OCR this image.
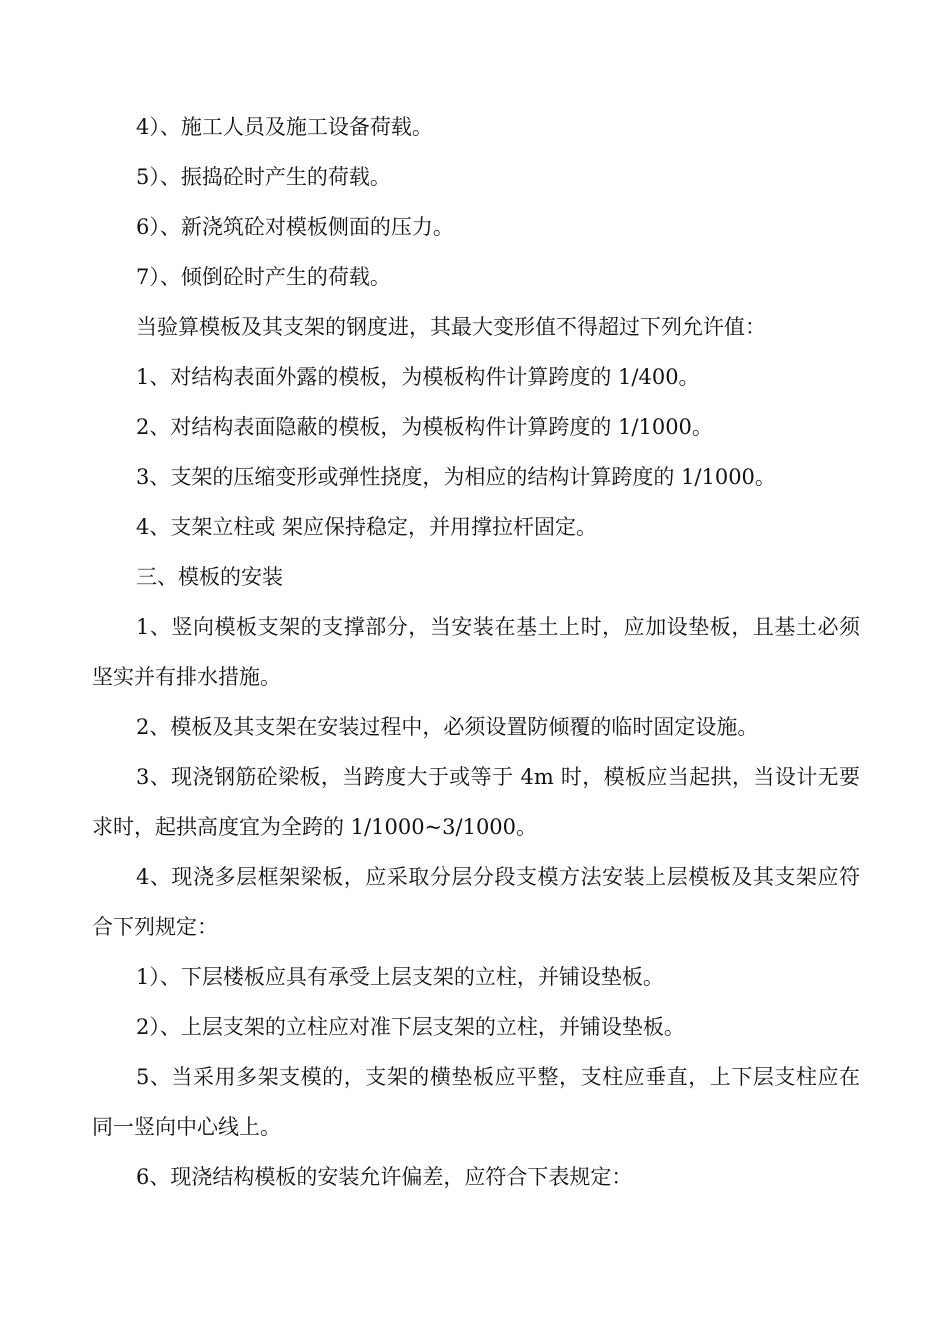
4）、施工人员及施工设备荷载。

5）、振捣砼时产生的荷载。

6）、新浇筑砼对模板侧面的压力。

7）、倾倒砼时产生的荷载。

当验算模板及其支架的钢度进，其最大变形值不得超过下列允许值：

1、对结构表面外露的模板，为模板构件计算跨度的 1/400。

2、对结构表面隐蔽的模板，为模板构件计算跨度的 1/1000。

3、支架的压缩变形或弹性挠度，为相应的结构计算跨度的 1/1000。

4、支架立柱或 架应保持稳定，并用撑拉杆固定。

三、模板的安装

1、竖向模板支架的支撑部分，当安装在基土上时，应加设垫板，且基土必须坚实并有排水措施。

2、模板及其支架在安装过程中，必须设置防倾覆的临时固定设施。

3、现浇钢筋砼梁板，当跨度大于或等于 4m 时，模板应当起拱，当设计无要求时，起拱高度宜为全跨的 1/1000~3/1000。

4、现浇多层框架梁板，应采取分层分段支模方法安装上层模板及其支架应符合下列规定：

1）、下层楼板应具有承受上层支架的立柱，并铺设垫板。

2）、上层支架的立柱应对准下层支架的立柱，并铺设垫板。

5、当采用多架支模的，支架的横垫板应平整，支柱应垂直，上下层支柱应在同一竖向中心线上。

6、现浇结构模板的安装允许偏差，应符合下表规定：
